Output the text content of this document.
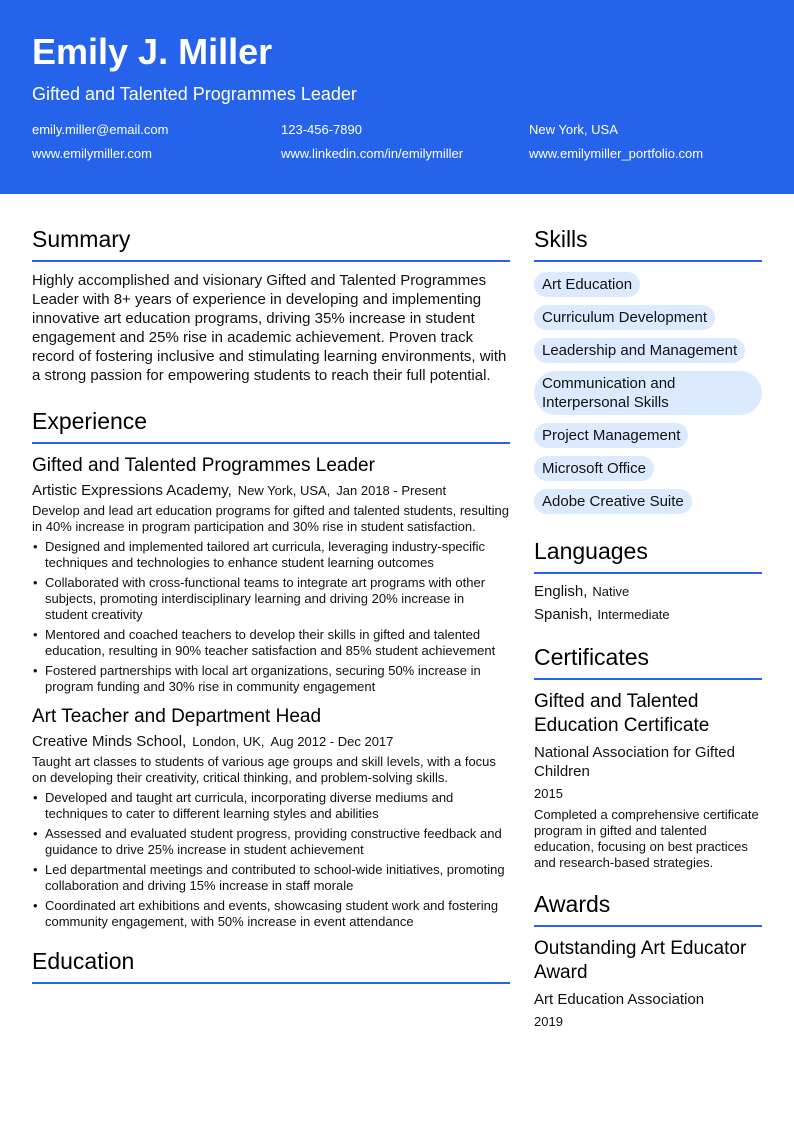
Emily J. Miller
Gifted and Talented Programmes Leader
emily.miller@email.com	123-456-7890	New York, USA
www.emilymiller.com	www.linkedin.com/in/emilymiller	www.emilymiller_portfolio.com
Summary
Highly accomplished and visionary Gifted and Talented Programmes Leader with 8+ years of experience in developing and implementing innovative art education programs, driving 35% increase in student engagement and 25% rise in academic achievement. Proven track record of fostering inclusive and stimulating learning environments, with a strong passion for empowering students to reach their full potential.
Experience
Gifted and Talented Programmes Leader
Artistic Expressions Academy, New York, USA, Jan 2018 - Present
Develop and lead art education programs for gifted and talented students, resulting in 40% increase in program participation and 30% rise in student satisfaction.
• Designed and implemented tailored art curricula, leveraging industry-specific techniques and technologies to enhance student learning outcomes
• Collaborated with cross-functional teams to integrate art programs with other subjects, promoting interdisciplinary learning and driving 20% increase in student creativity
• Mentored and coached teachers to develop their skills in gifted and talented education, resulting in 90% teacher satisfaction and 85% student achievement
• Fostered partnerships with local art organizations, securing 50% increase in program funding and 30% rise in community engagement
Art Teacher and Department Head
Creative Minds School, London, UK, Aug 2012 - Dec 2017
Taught art classes to students of various age groups and skill levels, with a focus on developing their creativity, critical thinking, and problem-solving skills.
• Developed and taught art curricula, incorporating diverse mediums and techniques to cater to different learning styles and abilities
• Assessed and evaluated student progress, providing constructive feedback and guidance to drive 25% increase in student achievement
• Led departmental meetings and contributed to school-wide initiatives, promoting collaboration and driving 15% increase in staff morale
• Coordinated art exhibitions and events, showcasing student work and fostering community engagement, with 50% increase in event attendance
Education
Skills
Art Education
Curriculum Development
Leadership and Management
Communication and Interpersonal Skills
Project Management
Microsoft Office
Adobe Creative Suite
Languages
English, Native
Spanish, Intermediate
Certificates
Gifted and Talented Education Certificate
National Association for Gifted Children
2015
Completed a comprehensive certificate program in gifted and talented education, focusing on best practices and research-based strategies.
Awards
Outstanding Art Educator Award
Art Education Association
2019
